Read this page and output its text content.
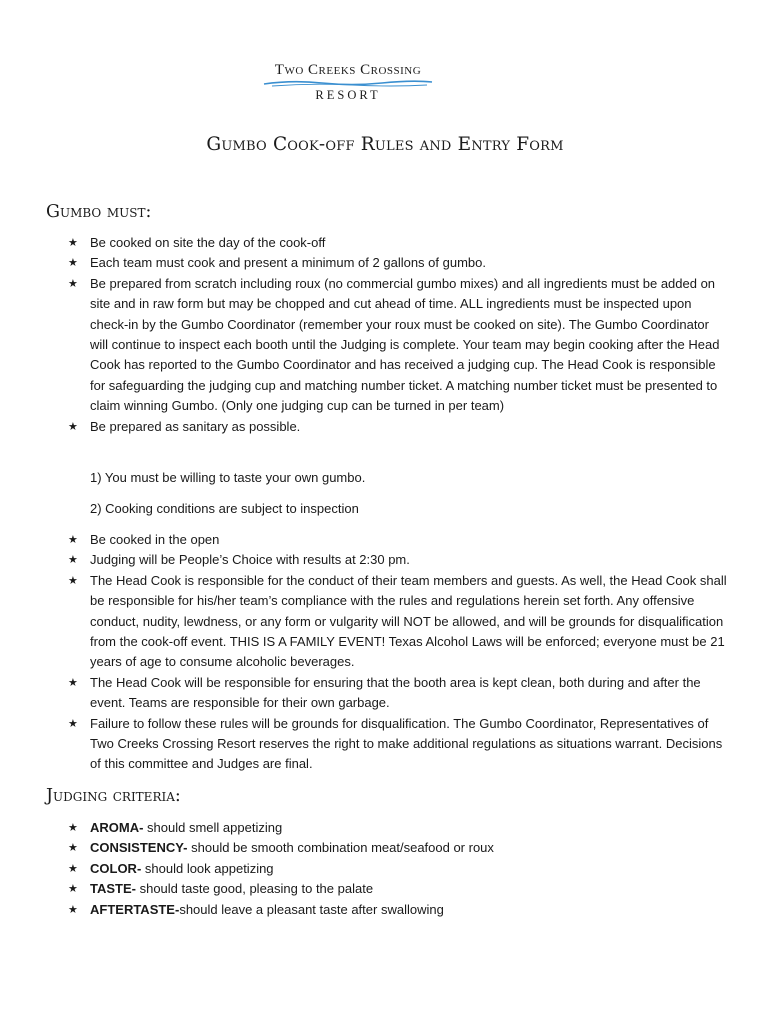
Two Creeks Crossing
RESORT
Gumbo Cook-off Rules and Entry Form
Gumbo must:
★ Be cooked on site the day of the cook-off
★ Each team must cook and present a minimum of 2 gallons of gumbo.
★ Be prepared from scratch including roux (no commercial gumbo mixes) and all ingredients must be added on site and in raw form but may be chopped and cut ahead of time. ALL ingredients must be inspected upon check-in by the Gumbo Coordinator (remember your roux must be cooked on site). The Gumbo Coordinator will continue to inspect each booth until the Judging is complete. Your team may begin cooking after the Head Cook has reported to the Gumbo Coordinator and has received a judging cup. The Head Cook is responsible for safeguarding the judging cup and matching number ticket. A matching number ticket must be presented to claim winning Gumbo. (Only one judging cup can be turned in per team)
★ Be prepared as sanitary as possible.

1) You must be willing to taste your own gumbo.

2) Cooking conditions are subject to inspection

★ Be cooked in the open
★ Judging will be People’s Choice with results at 2:30 pm.
★ The Head Cook is responsible for the conduct of their team members and guests. As well, the Head Cook shall be responsible for his/her team’s compliance with the rules and regulations herein set forth. Any offensive conduct, nudity, lewdness, or any form or vulgarity will NOT be allowed, and will be grounds for disqualification from the cook-off event. THIS IS A FAMILY EVENT! Texas Alcohol Laws will be enforced; everyone must be 21 years of age to consume alcoholic beverages.
★ The Head Cook will be responsible for ensuring that the booth area is kept clean, both during and after the event. Teams are responsible for their own garbage.
★ Failure to follow these rules will be grounds for disqualification. The Gumbo Coordinator, Representatives of Two Creeks Crossing Resort reserves the right to make additional regulations as situations warrant. Decisions of this committee and Judges are final.
Judging criteria:
★ AROMA- should smell appetizing
★ CONSISTENCY- should be smooth combination meat/seafood or roux
★ COLOR- should look appetizing
★ TASTE- should taste good, pleasing to the palate
★ AFTERTASTE-should leave a pleasant taste after swallowing
